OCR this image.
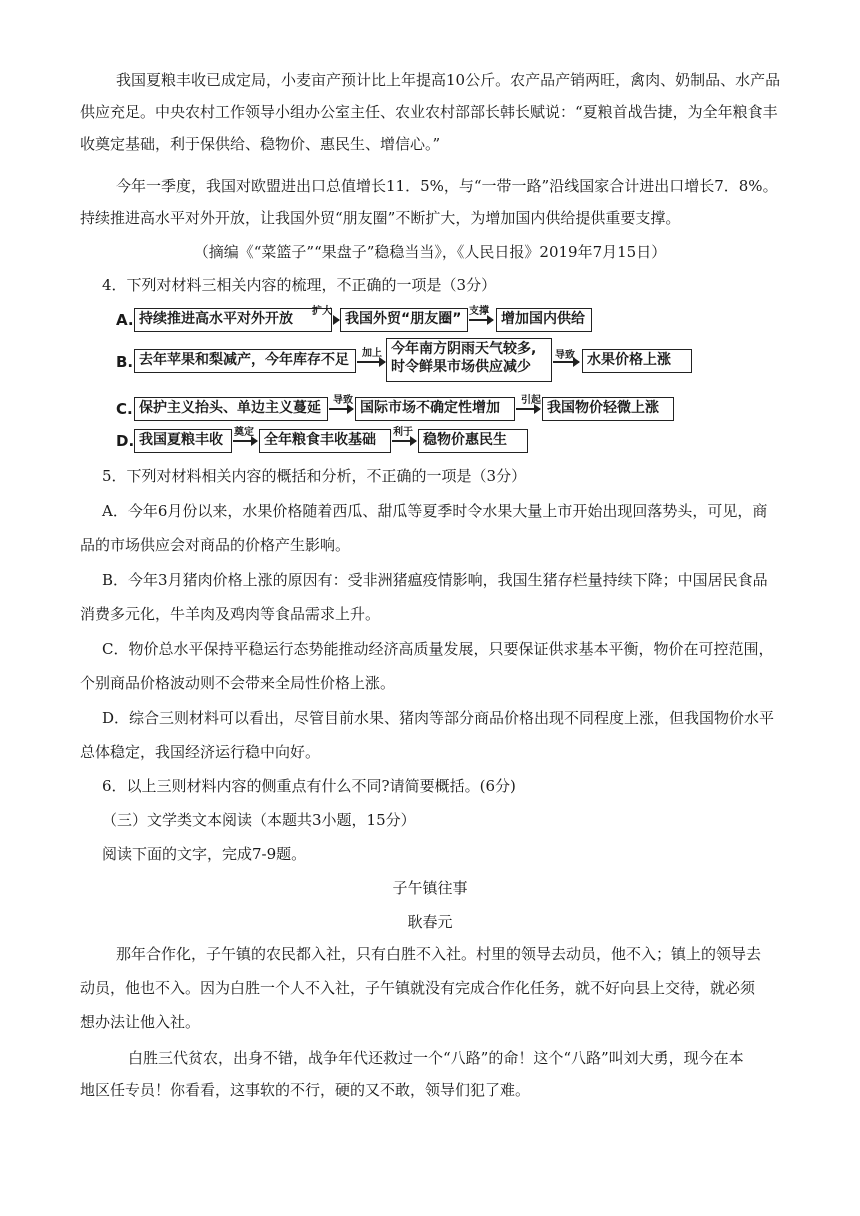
我国夏粮丰收已成定局，小麦亩产预计比上年提高10公斤。农产品产销两旺，禽肉、奶制品、水产品
供应充足。中央农村工作领导小组办公室主任、农业农村部部长韩长赋说：“夏粮首战告捷，为全年粮食丰
收奠定基础，利于保供给、稳物价、惠民生、增信心。”
今年一季度，我国对欧盟进出口总值增长11．5%，与“一带一路”沿线国家合计进出口增长7．8%。
持续推进高水平对外开放，让我国外贸“朋友圈”不断扩大，为增加国内供给提供重要支撑。
（摘编《“菜篮子”“果盘子”稳稳当当》，《人民日报》2019年7月15日）
4．下列对材料三相关内容的梳理，不正确的一项是（3分）
A. 持续推进高水平对外开放	扩大 我国外贸“朋友圈” 支撑 增加国内供给
B. 去年苹果和梨减产，今年库存不足	加上 今年南方阴雨天气较多,
时令鲜果市场供应减少
导致 水果价格上涨
C. 保护主义抬头、单边主义蔓延	导致 国际市场不确定性增加	引起 我国物价轻微上涨
D. 我国夏粮丰收	奠定 全年粮食丰收基础	利于 稳物价惠民生
5．下列对材料相关内容的概括和分析，不正确的一项是（3分）
A．今年6月份以来，水果价格随着西瓜、甜瓜等夏季时令水果大量上市开始出现回落势头，可见，商
品的市场供应会对商品的价格产生影响。
B．今年3月猪肉价格上涨的原因有：受非洲猪瘟疫情影响，我国生猪存栏量持续下降；中国居民食品
消费多元化，牛羊肉及鸡肉等食品需求上升。
C．物价总水平保持平稳运行态势能推动经济高质量发展，只要保证供求基本平衡，物价在可控范围，
个别商品价格波动则不会带来全局性价格上涨。
D．综合三则材料可以看出，尽管目前水果、猪肉等部分商品价格出现不同程度上涨，但我国物价水平
总体稳定，我国经济运行稳中向好。
6．以上三则材料内容的侧重点有什么不同?请简要概括。(6分)
（三）文学类文本阅读（本题共3小题，15分）
阅读下面的文字，完成7-9题。
子午镇往事
耿春元
那年合作化，子午镇的农民都入社，只有白胜不入社。村里的领导去动员，他不入；镇上的领导去
动员，他也不入。因为白胜一个人不入社，子午镇就没有完成合作化任务，就不好向县上交待，就必须
想办法让他入社。
白胜三代贫农，出身不错，战争年代还救过一个“八路”的命！这个“八路”叫刘大勇，现今在本
地区任专员！你看看，这事软的不行，硬的又不敢，领导们犯了难。
